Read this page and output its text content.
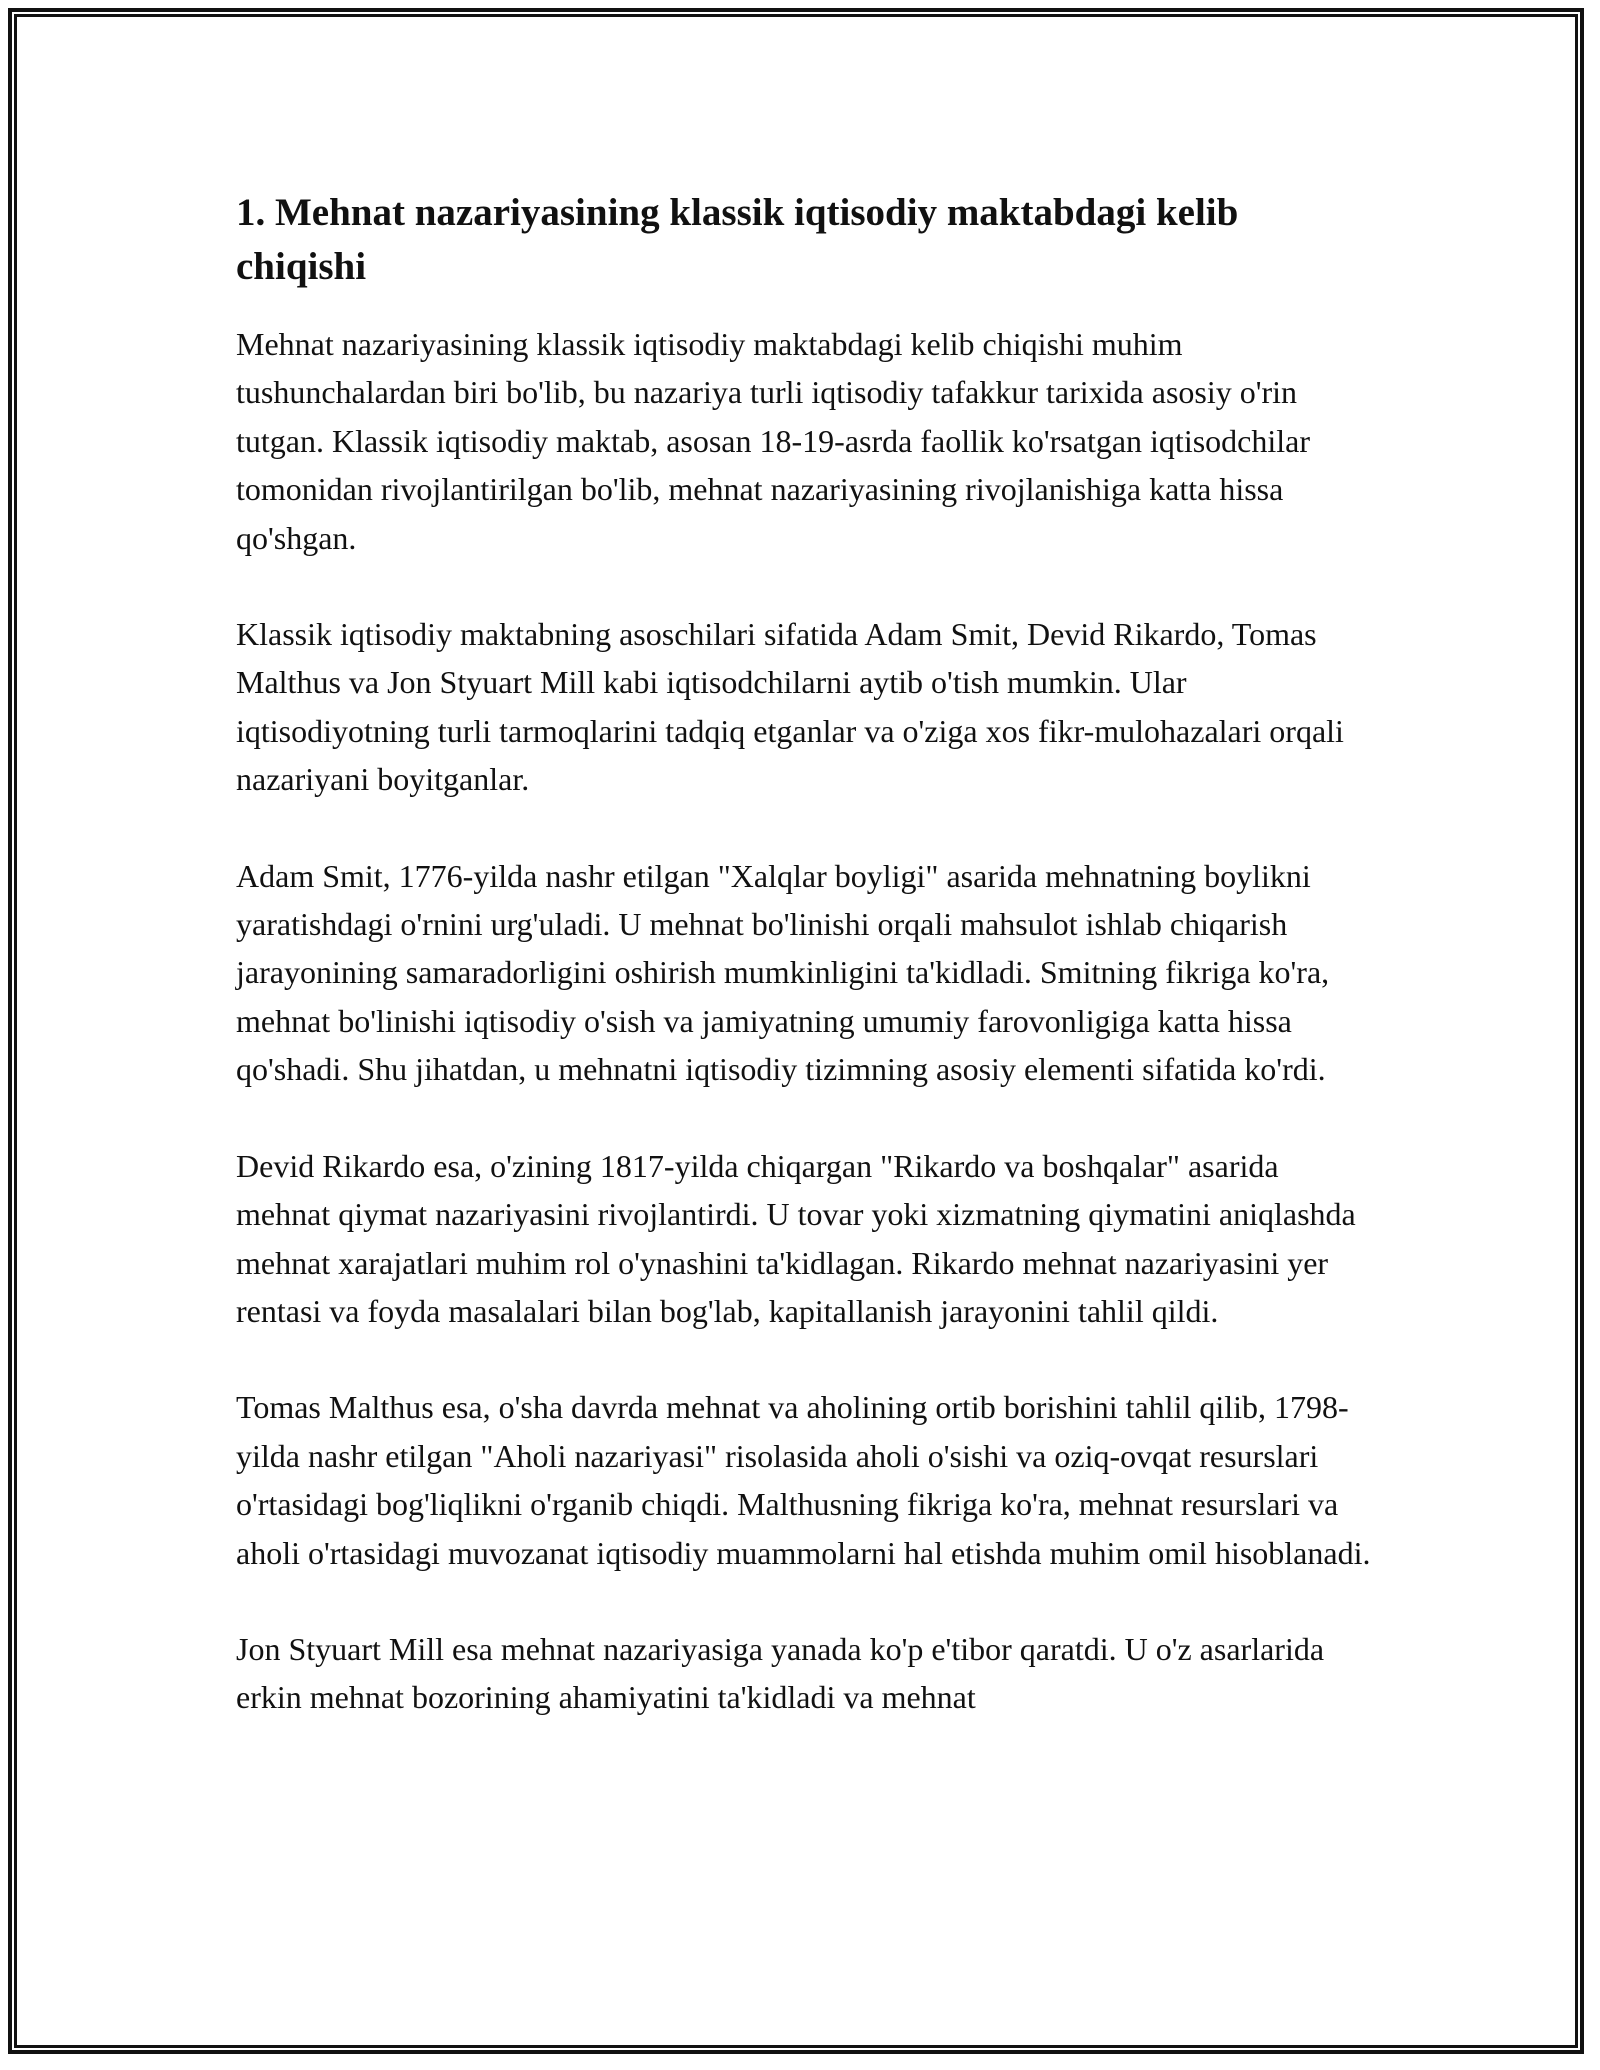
1. Mehnat nazariyasining klassik iqtisodiy maktabdagi kelib chiqishi

Mehnat nazariyasining klassik iqtisodiy maktabdagi kelib chiqishi muhim tushunchalardan biri bo'lib, bu nazariya turli iqtisodiy tafakkur tarixida asosiy o'rin tutgan. Klassik iqtisodiy maktab, asosan 18-19-asrda faollik ko'rsatgan iqtisodchilar tomonidan rivojlantirilgan bo'lib, mehnat nazariyasining rivojlanishiga katta hissa qo'shgan.

Klassik iqtisodiy maktabning asoschilari sifatida Adam Smit, Devid Rikardo, Tomas Malthus va Jon Styuart Mill kabi iqtisodchilarni aytib o'tish mumkin. Ular iqtisodiyotning turli tarmoqlarini tadqiq etganlar va o'ziga xos fikr-mulohazalari orqali nazariyani boyitganlar.

Adam Smit, 1776-yilda nashr etilgan "Xalqlar boyligi" asarida mehnatning boylikni yaratishdagi o'rnini urg'uladi. U mehnat bo'linishi orqali mahsulot ishlab chiqarish jarayonining samaradorligini oshirish mumkinligini ta'kidladi. Smitning fikriga ko'ra, mehnat bo'linishi iqtisodiy o'sish va jamiyatning umumiy farovonligiga katta hissa qo'shadi. Shu jihatdan, u mehnatni iqtisodiy tizimning asosiy elementi sifatida ko'rdi.

Devid Rikardo esa, o'zining 1817-yilda chiqargan "Rikardo va boshqalar" asarida mehnat qiymat nazariyasini rivojlantirdi. U tovar yoki xizmatning qiymatini aniqlashda mehnat xarajatlari muhim rol o'ynashini ta'kidlagan. Rikardo mehnat nazariyasini yer rentasi va foyda masalalari bilan bog'lab, kapitallanish jarayonini tahlil qildi.

Tomas Malthus esa, o'sha davrda mehnat va aholining ortib borishini tahlil qilib, 1798-yilda nashr etilgan "Aholi nazariyasi" risolasida aholi o'sishi va oziq-ovqat resurslari o'rtasidagi bog'liqlikni o'rganib chiqdi. Malthusning fikriga ko'ra, mehnat resurslari va aholi o'rtasidagi muvozanat iqtisodiy muammolarni hal etishda muhim omil hisoblanadi.

Jon Styuart Mill esa mehnat nazariyasiga yanada ko'p e'tibor qaratdi. U o'z asarlarida erkin mehnat bozorining ahamiyatini ta'kidladi va mehnat
